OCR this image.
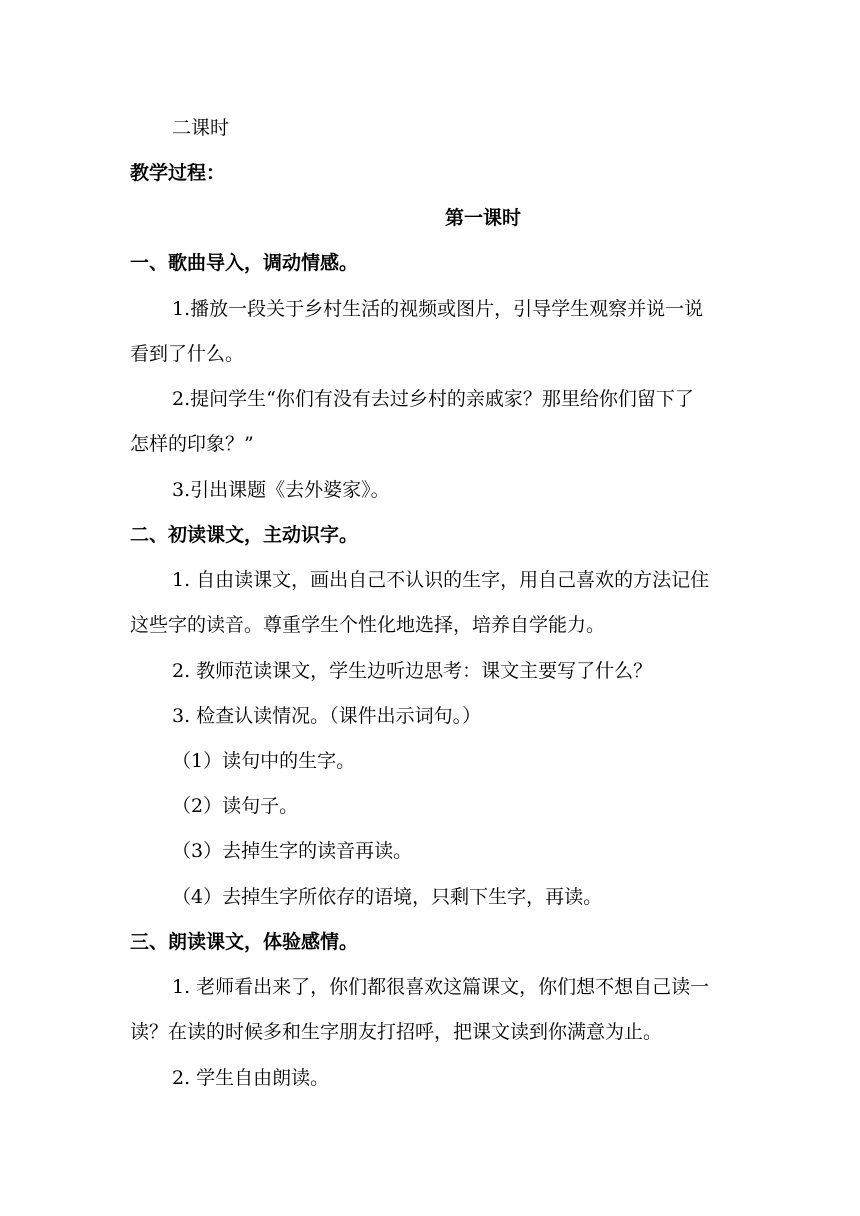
二课时
教学过程：
第一课时
一、歌曲导入，调动情感。
1.播放一段关于乡村生活的视频或图片，引导学生观察并说一说
看到了什么。
2.提问学生“你们有没有去过乡村的亲戚家？那里给你们留下了
怎样的印象？”
3.引出课题《去外婆家》。
二、初读课文，主动识字。
1. 自由读课文，画出自己不认识的生字，用自己喜欢的方法记住
这些字的读音。尊重学生个性化地选择，培养自学能力。
2. 教师范读课文，学生边听边思考：课文主要写了什么？
3. 检查认读情况。（课件出示词句。）
（1）读句中的生字。
（2）读句子。
（3）去掉生字的读音再读。
（4）去掉生字所依存的语境，只剩下生字，再读。
三、朗读课文，体验感情。
1. 老师看出来了，你们都很喜欢这篇课文，你们想不想自己读一
读？在读的时候多和生字朋友打招呼，把课文读到你满意为止。
2. 学生自由朗读。
